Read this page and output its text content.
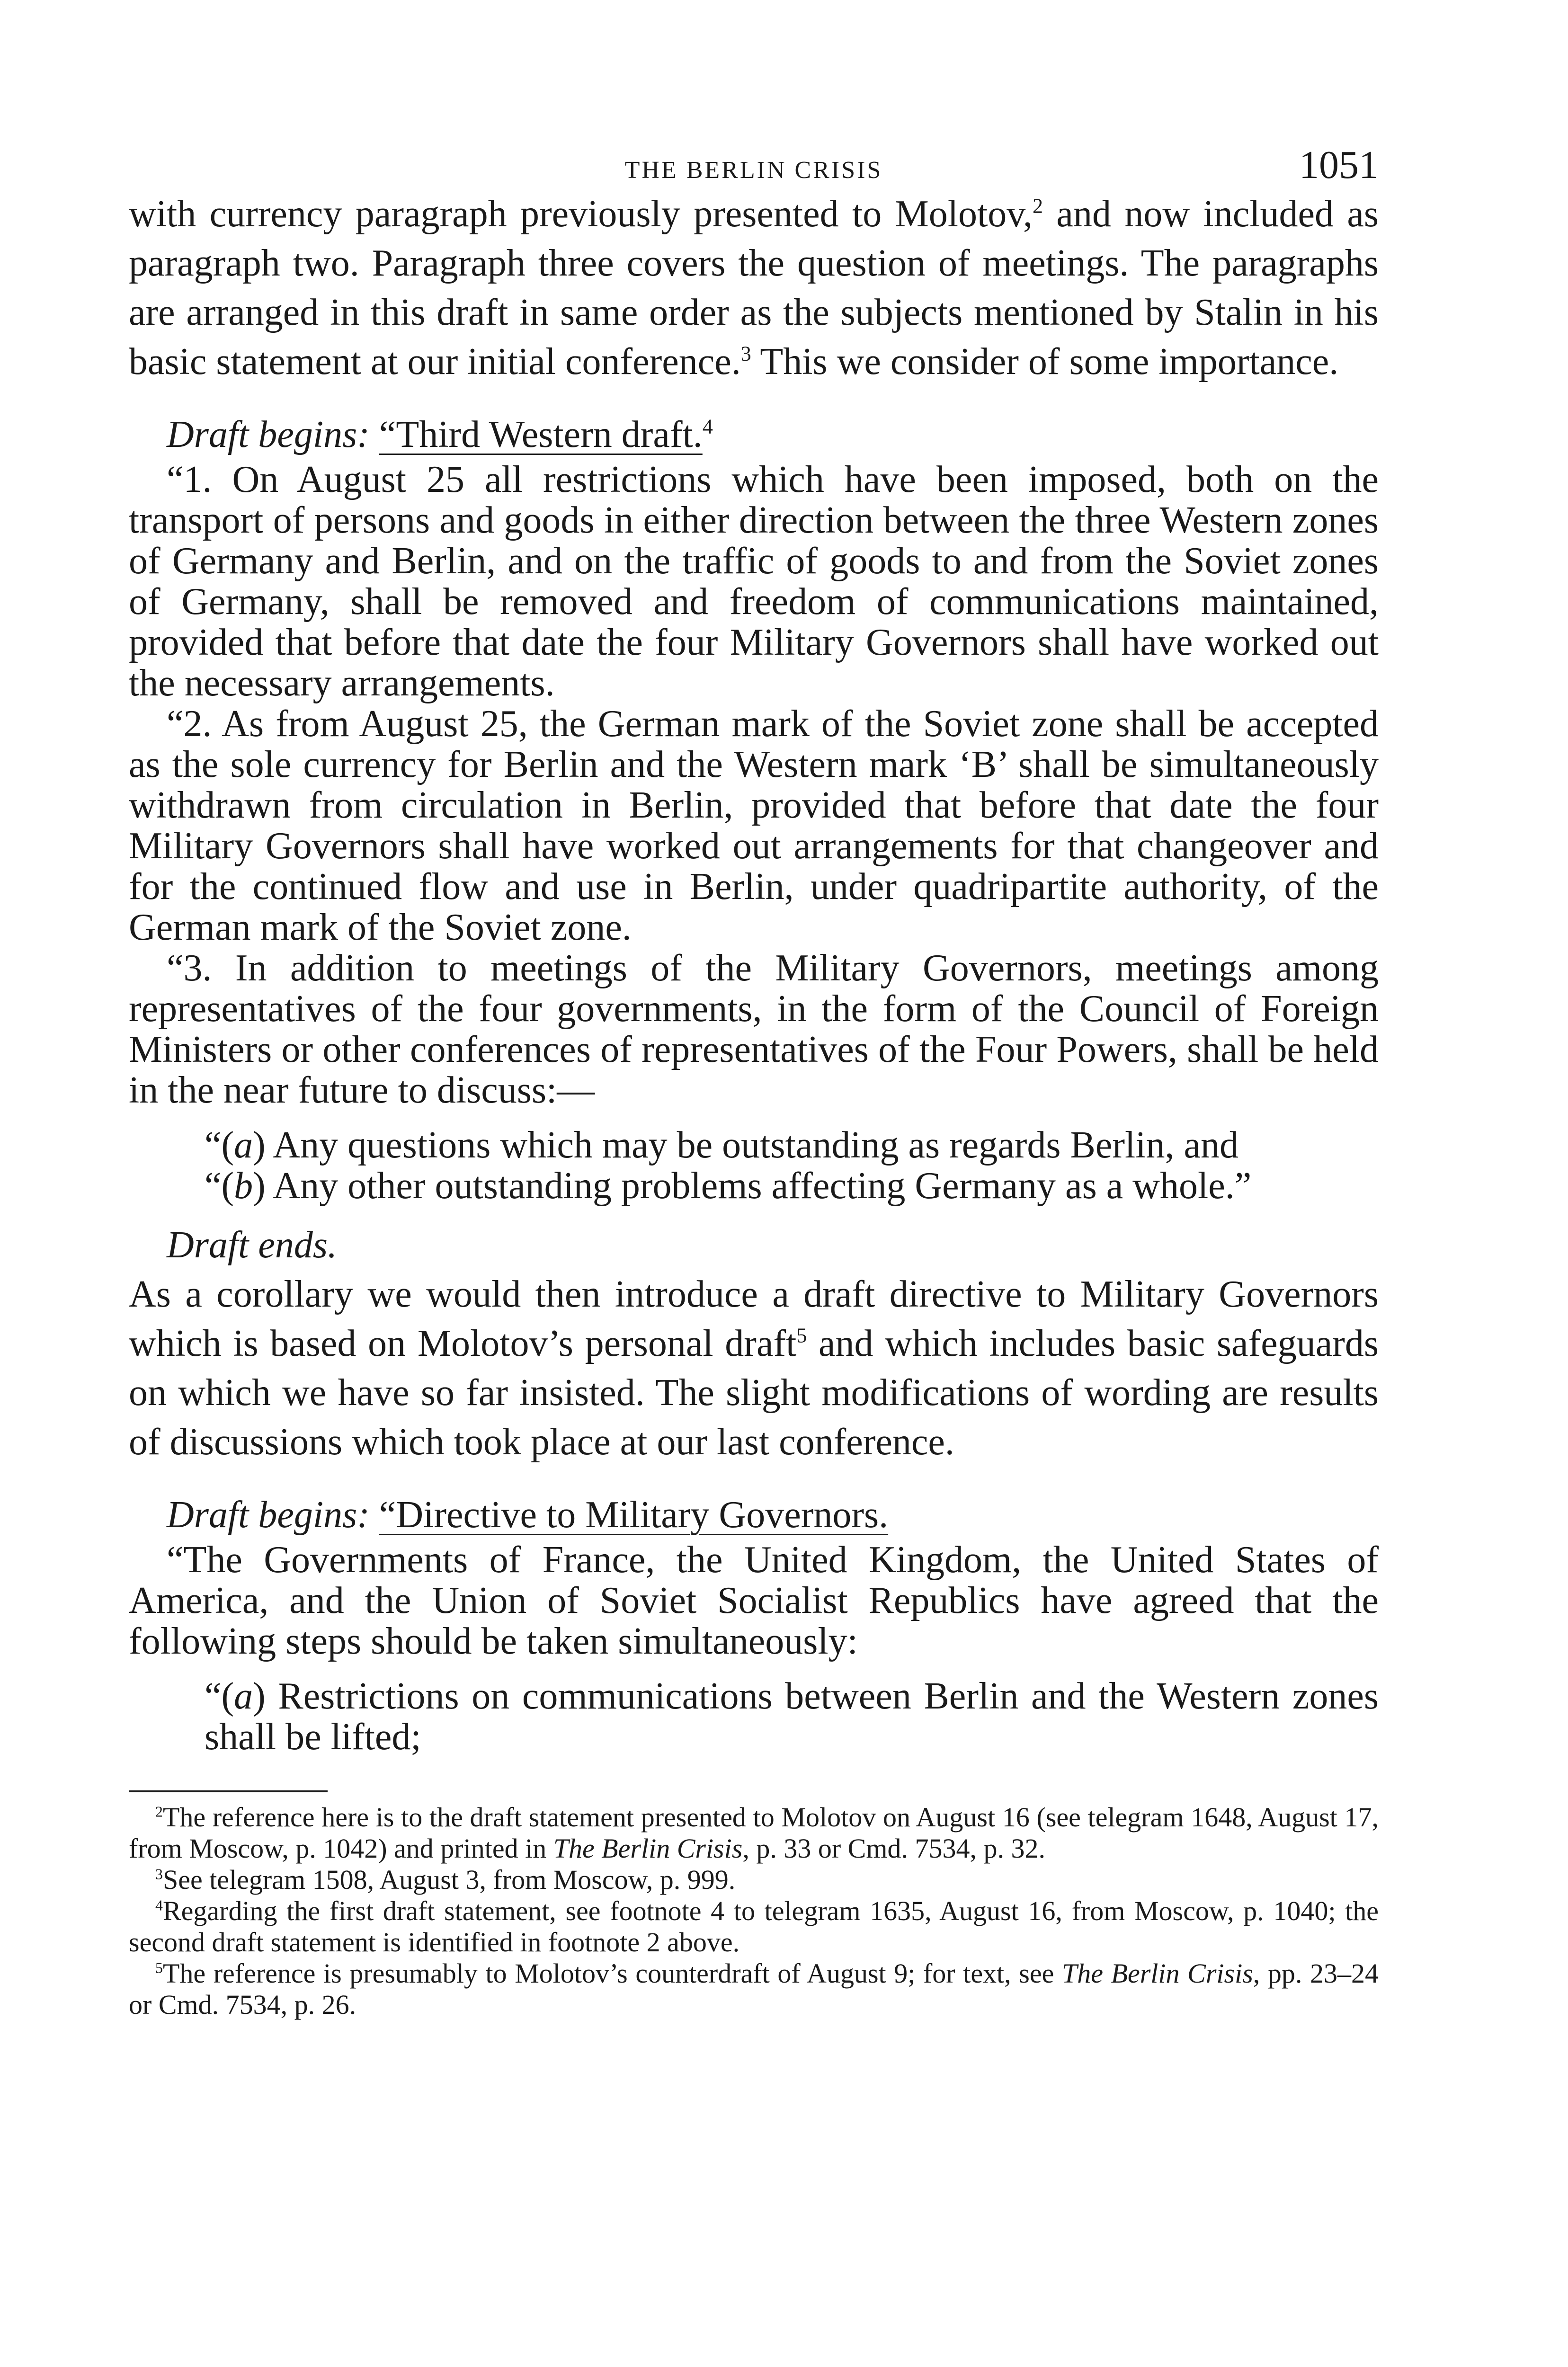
THE BERLIN CRISIS	1051

with currency paragraph previously presented to Molotov,$^2$ and now included as paragraph two. Paragraph three covers the question of meetings. The paragraphs are arranged in this draft in same order as the subjects mentioned by Stalin in his basic statement at our initial conference.$^3$ This we consider of some importance.

Draft begins: “Third Western draft.$^4$

“1. On August 25 all restrictions which have been imposed, both on the transport of persons and goods in either direction between the three Western zones of Germany and Berlin, and on the traffic of goods to and from the Soviet zones of Germany, shall be removed and freedom of communications maintained, provided that before that date the four Military Governors shall have worked out the necessary arrangements.

“2. As from August 25, the German mark of the Soviet zone shall be accepted as the sole currency for Berlin and the Western mark ‘B’ shall be simultaneously withdrawn from circulation in Berlin, provided that before that date the four Military Governors shall have worked out arrangements for that changeover and for the continued flow and use in Berlin, under quadripartite authority, of the German mark of the Soviet zone.

“3. In addition to meetings of the Military Governors, meetings among representatives of the four governments, in the form of the Council of Foreign Ministers or other conferences of representatives of the Four Powers, shall be held in the near future to discuss:—

“(a) Any questions which may be outstanding as regards Berlin, and

“(b) Any other outstanding problems affecting Germany as a whole.”

Draft ends.

As a corollary we would then introduce a draft directive to Military Governors which is based on Molotov’s personal draft$^5$ and which includes basic safeguards on which we have so far insisted. The slight modifications of wording are results of discussions which took place at our last conference.

Draft begins: “Directive to Military Governors.

“The Governments of France, the United Kingdom, the United States of America, and the Union of Soviet Socialist Republics have agreed that the following steps should be taken simultaneously:

“(a) Restrictions on communications between Berlin and the Western zones shall be lifted;

$^2$The reference here is to the draft statement presented to Molotov on August 16 (see telegram 1648, August 17, from Moscow, p. 1042) and printed in The Berlin Crisis, p. 33 or Cmd. 7534, p. 32.

$^3$See telegram 1508, August 3, from Moscow, p. 999.

$^4$Regarding the first draft statement, see footnote 4 to telegram 1635, August 16, from Moscow, p. 1040; the second draft statement is identified in footnote 2 above.

$^5$The reference is presumably to Molotov’s counterdraft of August 9; for text, see The Berlin Crisis, pp. 23–24 or Cmd. 7534, p. 26.
